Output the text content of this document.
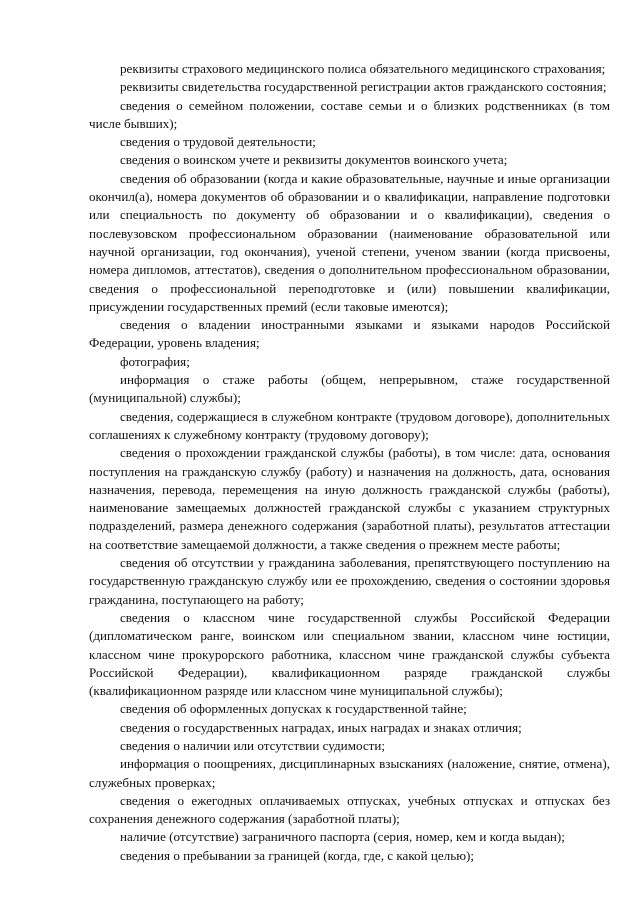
реквизиты страхового медицинского полиса обязательного медицинского страхования;

реквизиты свидетельства государственной регистрации актов гражданского состояния;

сведения о семейном положении, составе семьи и о близких родственниках (в том числе бывших);

сведения о трудовой деятельности;

сведения о воинском учете и реквизиты документов воинского учета;

сведения об образовании (когда и какие образовательные, научные и иные организации окончил(а), номера документов об образовании и о квалификации, направление подготовки или специальность по документу об образовании и о квалификации), сведения о послевузовском профессиональном образовании (наименование образовательной или научной организации, год окончания), ученой степени, ученом звании (когда присвоены, номера дипломов, аттестатов), сведения о дополнительном профессиональном образовании, сведения о профессиональной переподготовке и (или) повышении квалификации, присуждении государственных премий (если таковые имеются);

сведения о владении иностранными языками и языками народов Российской Федерации, уровень владения;

фотография;

информация о стаже работы (общем, непрерывном, стаже государственной (муниципальной) службы);

сведения, содержащиеся в служебном контракте (трудовом договоре), дополнительных соглашениях к служебному контракту (трудовому договору);

сведения о прохождении гражданской службы (работы), в том числе: дата, основания поступления на гражданскую службу (работу) и назначения на должность, дата, основания назначения, перевода, перемещения на иную должность гражданской службы (работы), наименование замещаемых должностей гражданской службы с указанием структурных подразделений, размера денежного содержания (заработной платы), результатов аттестации на соответствие замещаемой должности, а также сведения о прежнем месте работы;

сведения об отсутствии у гражданина заболевания, препятствующего поступлению на государственную гражданскую службу или ее прохождению, сведения о состоянии здоровья гражданина, поступающего на работу;

сведения о классном чине государственной службы Российской Федерации (дипломатическом ранге, воинском или специальном звании, классном чине юстиции, классном чине прокурорского работника, классном чине гражданской службы субъекта Российской Федерации), квалификационном разряде гражданской службы (квалификационном разряде или классном чине муниципальной службы);

сведения об оформленных допусках к государственной тайне;

сведения о государственных наградах, иных наградах и знаках отличия;

сведения о наличии или отсутствии судимости;

информация о поощрениях, дисциплинарных взысканиях (наложение, снятие, отмена), служебных проверках;

сведения о ежегодных оплачиваемых отпусках, учебных отпусках и отпусках без сохранения денежного содержания (заработной платы);

наличие (отсутствие) заграничного паспорта (серия, номер, кем и когда выдан);

сведения о пребывании за границей (когда, где, с какой целью);
